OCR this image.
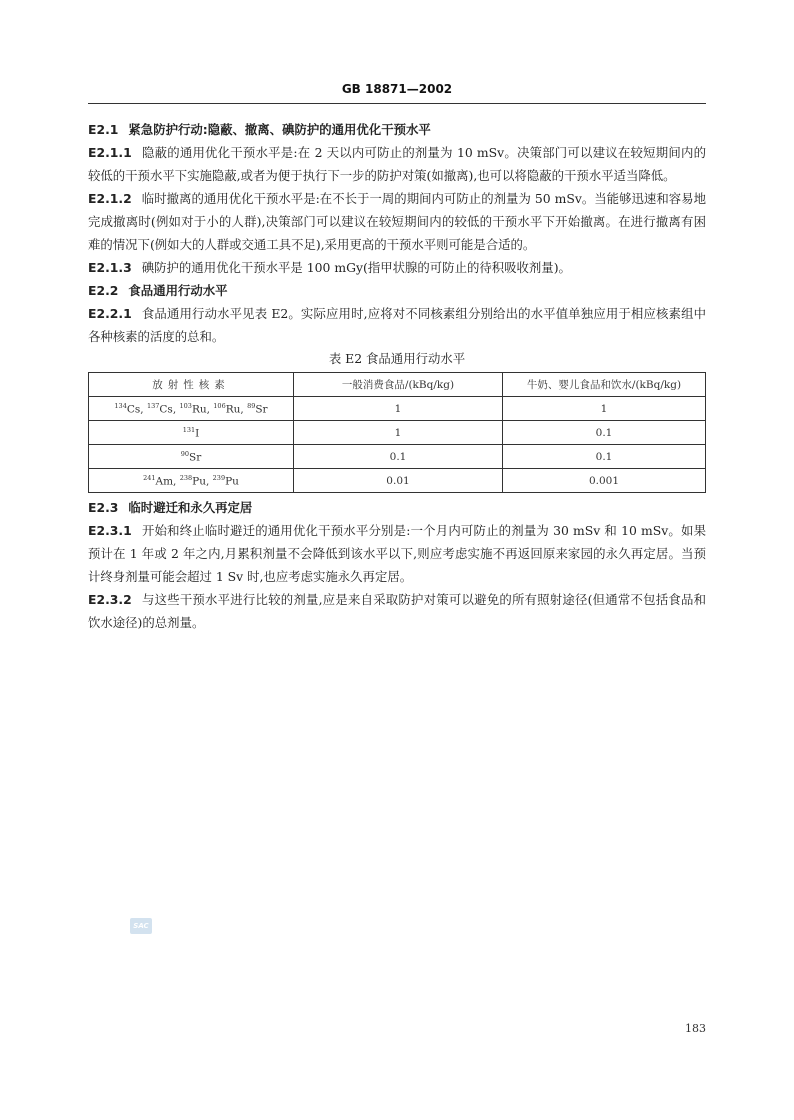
GB 18871—2002

E2.1 紧急防护行动:隐蔽、撤离、碘防护的通用优化干预水平

E2.1.1 隐蔽的通用优化干预水平是:在 2 天以内可防止的剂量为 10 mSv。决策部门可以建议在较短期间内的较低的干预水平下实施隐蔽,或者为便于执行下一步的防护对策(如撤离),也可以将隐蔽的干预水平适当降低。

E2.1.2 临时撤离的通用优化干预水平是:在不长于一周的期间内可防止的剂量为 50 mSv。当能够迅速和容易地完成撤离时(例如对于小的人群),决策部门可以建议在较短期间内的较低的干预水平下开始撤离。在进行撤离有困难的情况下(例如大的人群或交通工具不足),采用更高的干预水平则可能是合适的。

E2.1.3 碘防护的通用优化干预水平是 100 mGy(指甲状腺的可防止的待积吸收剂量)。

E2.2 食品通用行动水平

E2.2.1 食品通用行动水平见表 E2。实际应用时,应将对不同核素组分别给出的水平值单独应用于相应核素组中各种核素的活度的总和。

表 E2 食品通用行动水平

放射性核素	一般消费食品/(kBq/kg)	牛奶、婴儿食品和饮水/(kBq/kg)
$^{134}$Cs, $^{137}$Cs, $^{103}$Ru, $^{106}$Ru, $^{89}$Sr	1	1
$^{131}$I	1	0.1
$^{90}$Sr	0.1	0.1
$^{241}$Am, $^{238}$Pu, $^{239}$Pu	0.01	0.001

E2.3 临时避迁和永久再定居

E2.3.1 开始和终止临时避迁的通用优化干预水平分别是:一个月内可防止的剂量为 30 mSv 和 10 mSv。如果预计在 1 年或 2 年之内,月累积剂量不会降低到该水平以下,则应考虑实施不再返回原来家园的永久再定居。当预计终身剂量可能会超过 1 Sv 时,也应考虑实施永久再定居。

E2.3.2 与这些干预水平进行比较的剂量,应是来自采取防护对策可以避免的所有照射途径(但通常不包括食品和饮水途径)的总剂量。

SAC
183
